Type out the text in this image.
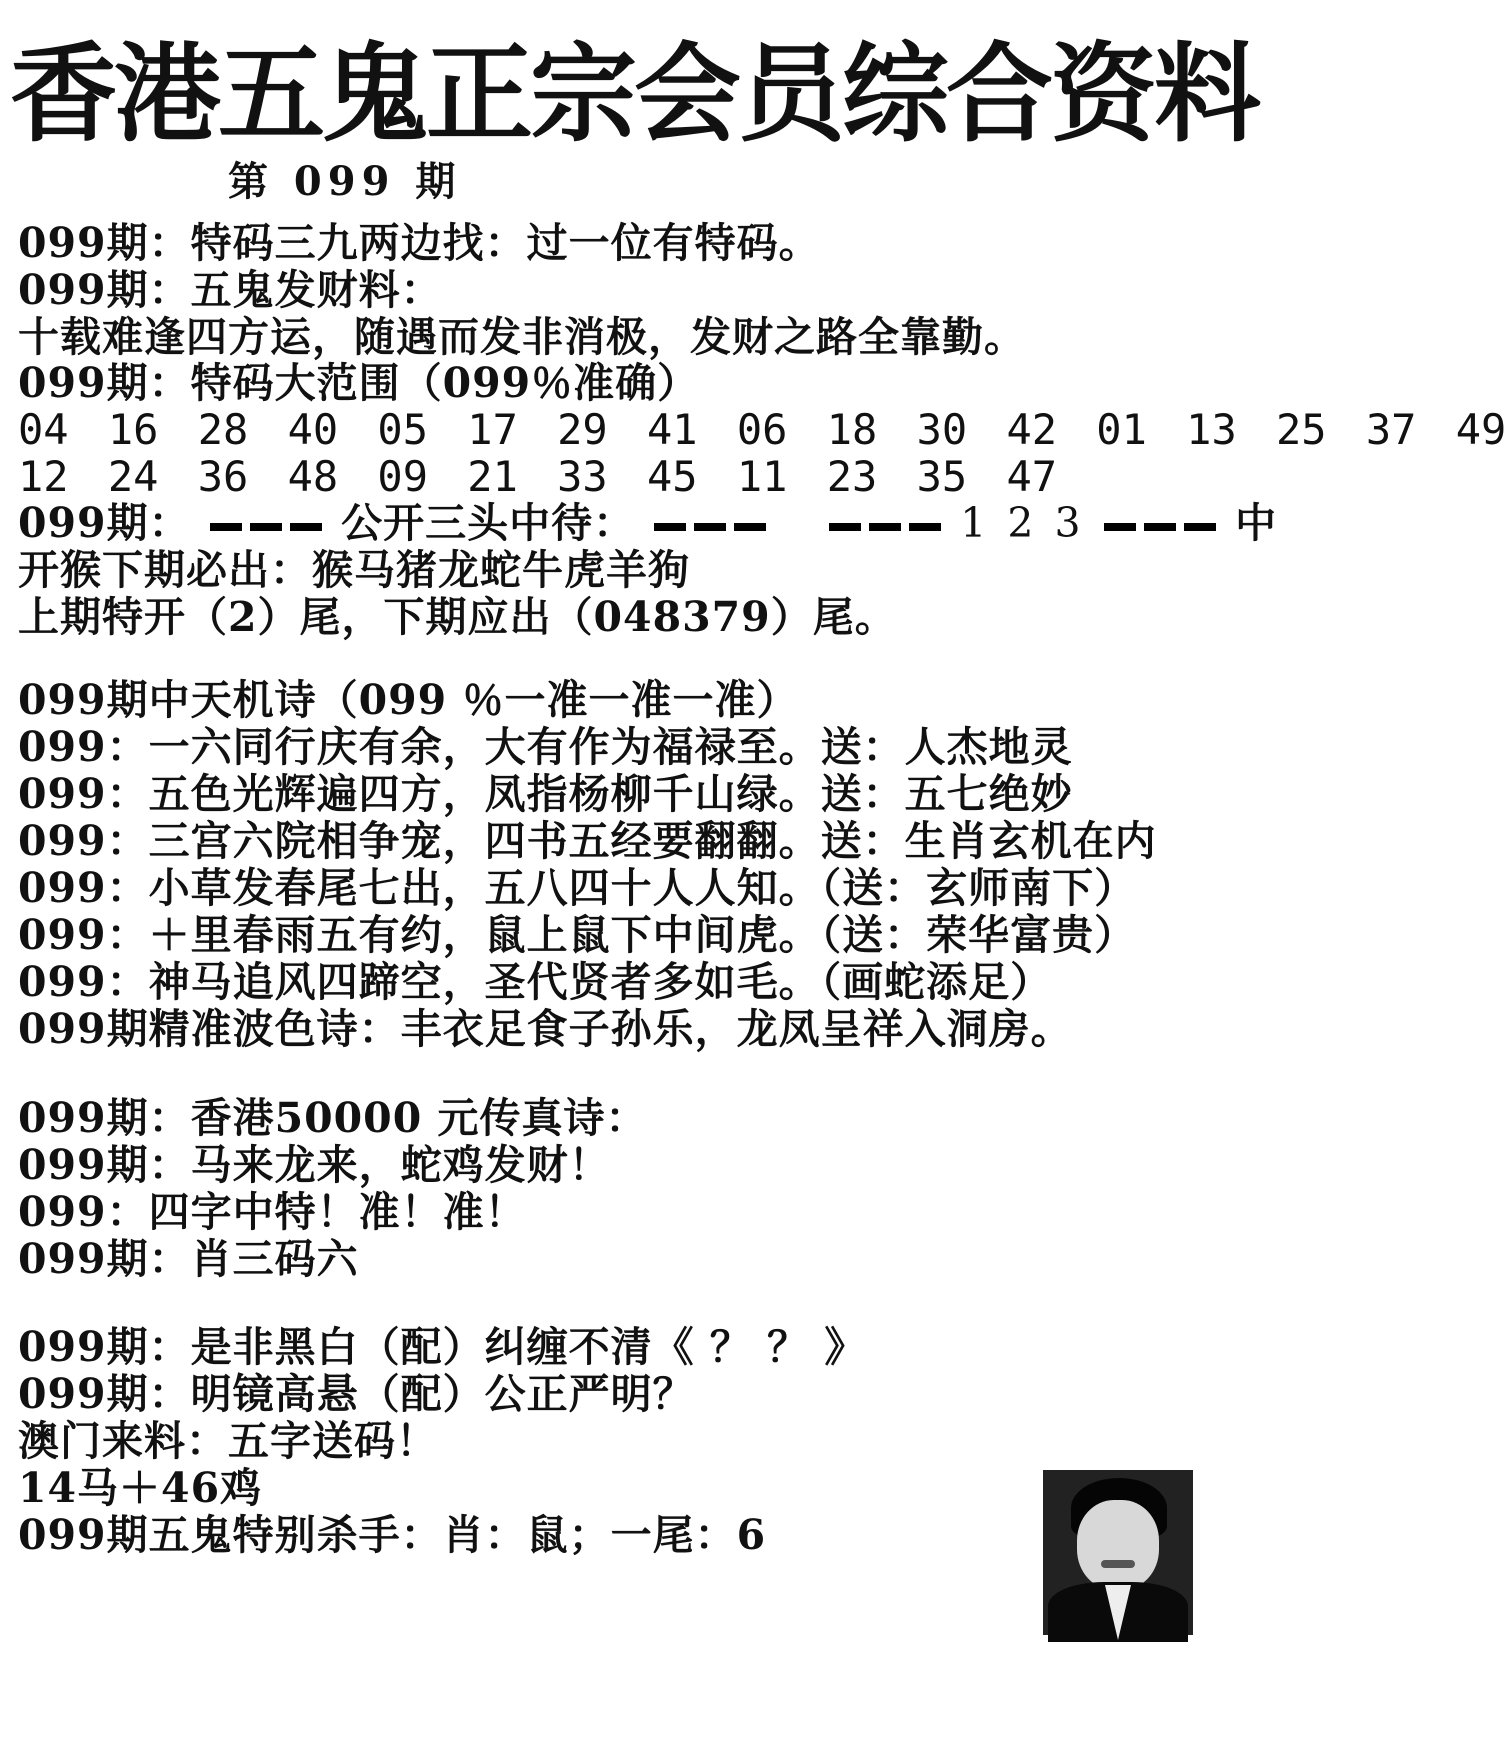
香港五鬼正宗会员综合资料
第 099 期
099期：特码三九两边找：过一位有特码。
099期：五鬼发财料：
十载难逢四方运，随遇而发非消极，发财之路全靠勤。
099期：特码大范围（099％准确）
04 16 28 40 05 17 29 41 06 18 30 42 01 13 25 37 49
12 24 36 48 09 21 33 45 11 23 35 47
099期：	公开三头中待：	1 2 3	中
开猴下期必出：猴马猪龙蛇牛虎羊狗
上期特开（2）尾，下期应出（048379）尾。
099期中天机诗（099 ％一准一准一准）
099：一六同行庆有余，大有作为福禄至。送：人杰地灵
099：五色光辉遍四方，凤指杨柳千山绿。送：五七绝妙
099：三宫六院相争宠，四书五经要翻翻。送：生肖玄机在内
099：小草发春尾七出，五八四十人人知。（送：玄师南下）
099：＋里春雨五有约，鼠上鼠下中间虎。（送：荣华富贵）
099：神马追风四蹄空，圣代贤者多如毛。（画蛇添足）
099期精准波色诗：丰衣足食子孙乐，龙凤呈祥入洞房。
099期：香港50000 元传真诗：
099期：马来龙来，蛇鸡发财！
099：四字中特！准！准！
099期：肖三码六
099期：是非黑白（配）纠缠不清《 ？ ？ 》
099期：明镜高悬（配）公正严明？
澳门来料：五字送码！
14马＋46鸡
099期五鬼特别杀手：肖：鼠；一尾：6
